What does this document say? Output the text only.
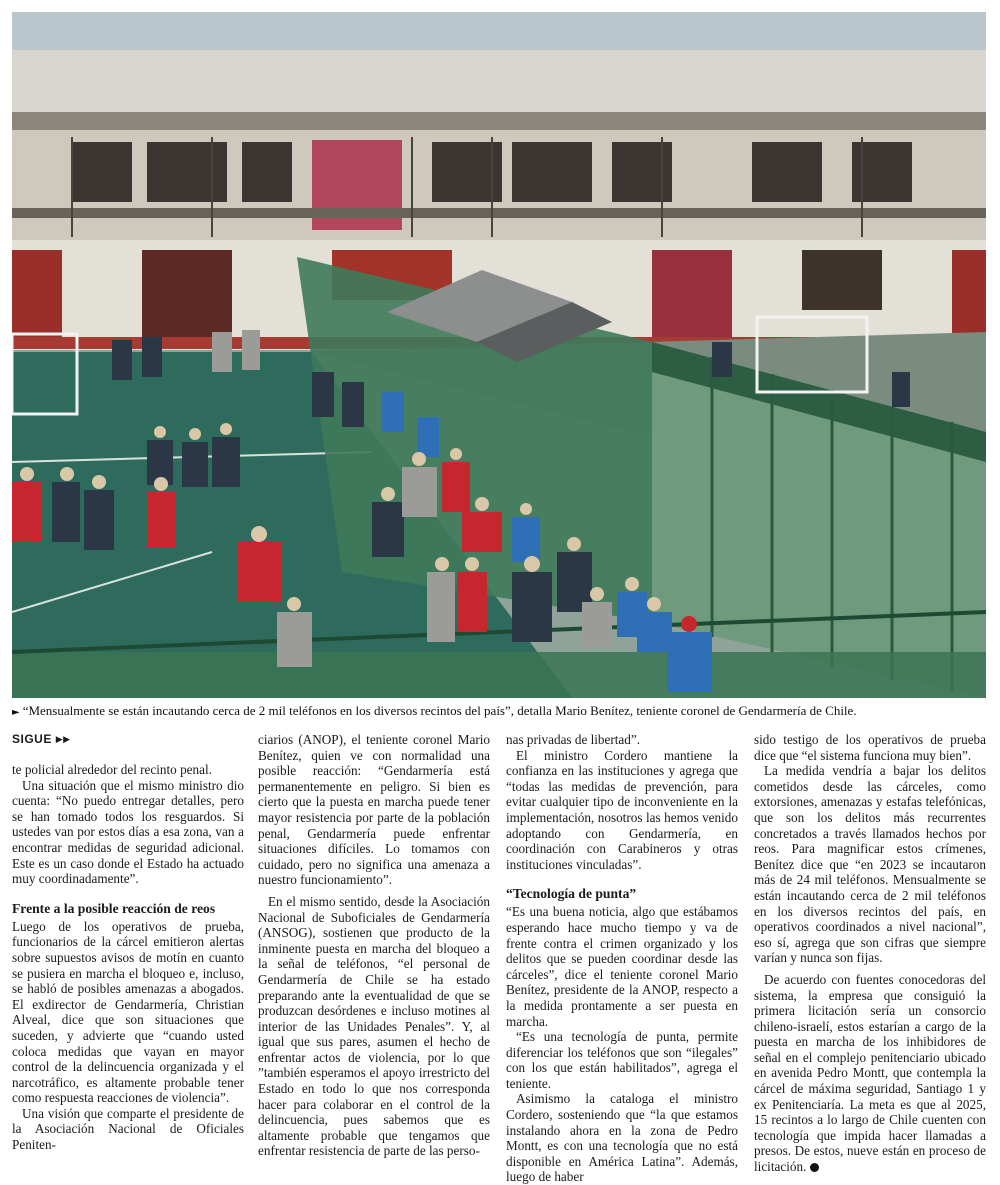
► “Mensualmente se están incautando cerca de 2 mil teléfonos en los diversos recintos del país”, detalla Mario Benítez, teniente coronel de Gendarmería de Chile.
SIGUE ▶▶

te policial alrededor del recinto penal.

Una situación que el mismo ministro dio cuenta: “No puedo entregar detalles, pero se han tomado todos los resguardos. Si ustedes van por estos días a esa zona, van a encontrar medidas de seguridad adicional. Este es un caso donde el Estado ha actuado muy coordinadamente”.

Frente a la posible reacción de reos

Luego de los operativos de prueba, funcionarios de la cárcel emitieron alertas sobre supuestos avisos de motín en cuanto se pusiera en marcha el bloqueo e, incluso, se habló de posibles amenazas a abogados. El exdirector de Gendarmería, Christian Alveal, dice que son situaciones que suceden, y advierte que “cuando usted coloca medidas que vayan en mayor control de la delincuencia organizada y el narcotráfico, es altamente probable tener como respuesta reacciones de violencia”.

Una visión que comparte el presidente de la Asociación Nacional de Oficiales Peniten-

ciarios (ANOP), el teniente coronel Mario Benítez, quien ve con normalidad una posible reacción: “Gendarmería está permanentemente en peligro. Si bien es cierto que la puesta en marcha puede tener mayor resistencia por parte de la población penal, Gendarmería puede enfrentar situaciones difíciles. Lo tomamos con cuidado, pero no significa una amenaza a nuestro funcionamiento”.

En el mismo sentido, desde la Asociación Nacional de Suboficiales de Gendarmería (ANSOG), sostienen que producto de la inminente puesta en marcha del bloqueo a la señal de teléfonos, “el personal de Gendarmería de Chile se ha estado preparando ante la eventualidad de que se produzcan desórdenes e incluso motines al interior de las Unidades Penales”. Y, al igual que sus pares, asumen el hecho de enfrentar actos de violencia, por lo que ”también esperamos el apoyo irrestricto del Estado en todo lo que nos corresponda hacer para colaborar en el control de la delincuencia, pues sabemos que es altamente probable que tengamos que enfrentar resistencia de parte de las perso-

nas privadas de libertad”.

El ministro Cordero mantiene la confianza en las instituciones y agrega que “todas las medidas de prevención, para evitar cualquier tipo de inconveniente en la implementación, nosotros las hemos venido adoptando con Gendarmería, en coordinación con Carabineros y otras instituciones vinculadas”.

“Tecnología de punta”

“Es una buena noticia, algo que estábamos esperando hace mucho tiempo y va de frente contra el crimen organizado y los delitos que se pueden coordinar desde las cárceles”, dice el teniente coronel Mario Benítez, presidente de la ANOP, respecto a la medida prontamente a ser puesta en marcha.

“Es una tecnología de punta, permite diferenciar los teléfonos que son “ilegales” con los que están habilitados”, agrega el teniente.

Asimismo la cataloga el ministro Cordero, sosteniendo que “la que estamos instalando ahora en la zona de Pedro Montt, es con una tecnología que no está disponible en América Latina”. Además, luego de haber

sido testigo de los operativos de prueba dice que “el sistema funciona muy bien”.

La medida vendría a bajar los delitos cometidos desde las cárceles, como extorsiones, amenazas y estafas telefónicas, que son los delitos más recurrentes concretados a través llamados hechos por reos. Para magnificar estos crímenes, Benítez dice que “en 2023 se incautaron más de 24 mil teléfonos. Mensualmente se están incautando cerca de 2 mil teléfonos en los diversos recintos del país, en operativos coordinados a nivel nacional”, eso sí, agrega que son cifras que siempre varían y nunca son fijas.

De acuerdo con fuentes conocedoras del sistema, la empresa que consiguió la primera licitación sería un consorcio chileno-israelí, estos estarían a cargo de la puesta en marcha de los inhibidores de señal en el complejo penitenciario ubicado en avenida Pedro Montt, que contempla la cárcel de máxima seguridad, Santiago 1 y ex Penitenciaría. La meta es que al 2025, 15 recintos a lo largo de Chile cuenten con tecnología que impida hacer llamadas a presos. De estos, nueve están en proceso de licitación.
